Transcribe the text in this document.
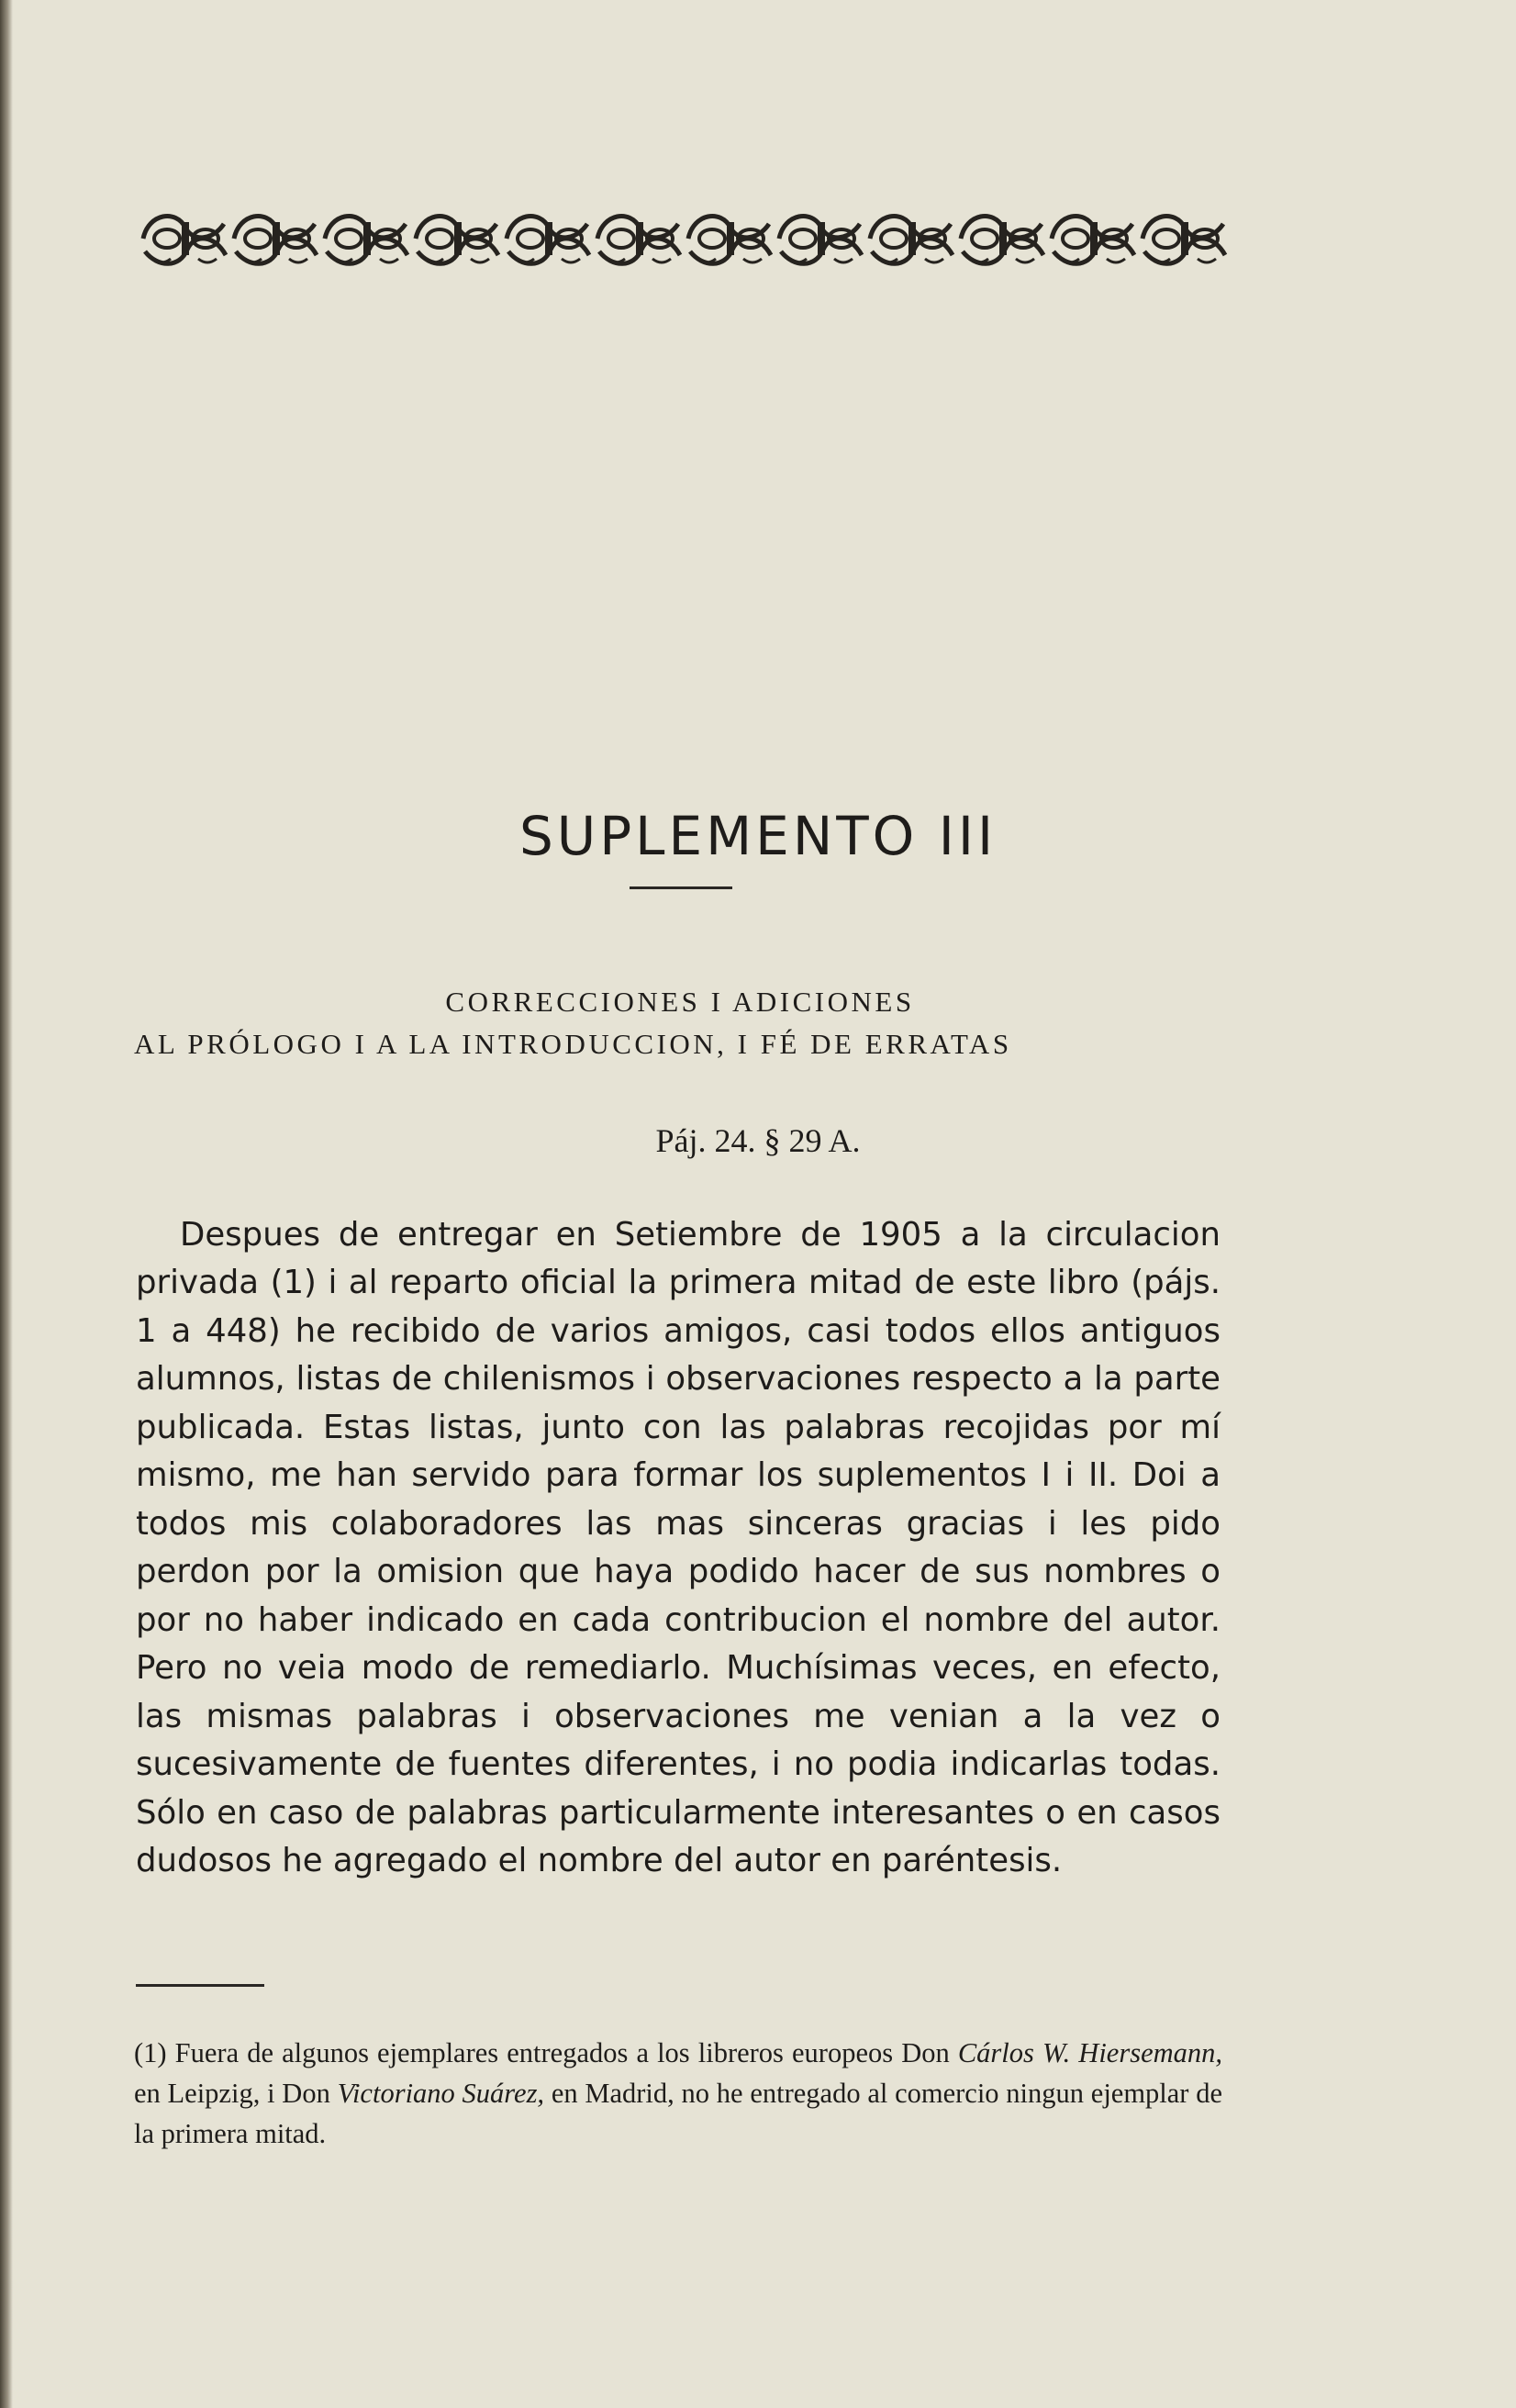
SUPLEMENTO III
CORRECCIONES I ADICIONES
AL PRÓLOGO I A LA INTRODUCCION, I FÉ DE ERRATAS
Páj. 24. § 29 A.

Despues de entregar en Setiembre de 1905 a la circulacion privada (1) i al reparto oficial la primera mitad de este libro (pájs. 1 a 448) he recibido de varios amigos, casi todos ellos antiguos alumnos, listas de chilenismos i observaciones respecto a la parte publicada. Estas listas, junto con las palabras recojidas por mí mismo, me han servido para formar los suplementos I i II. Doi a todos mis colaboradores las mas sinceras gracias i les pido perdon por la omision que haya podido hacer de sus nombres o por no haber indicado en cada contribucion el nombre del autor. Pero no veia modo de remediarlo. Muchísimas veces, en efecto, las mismas palabras i observaciones me venian a la vez o sucesivamente de fuentes diferentes, i no podia indicarlas todas. Sólo en caso de palabras particularmente interesantes o en casos dudosos he agregado el nombre del autor en paréntesis.

(1) Fuera de algunos ejemplares entregados a los libreros europeos Don Cárlos W. Hiersemann, en Leipzig, i Don Victoriano Suárez, en Madrid, no he entregado al comercio ningun ejemplar de la primera mitad.
